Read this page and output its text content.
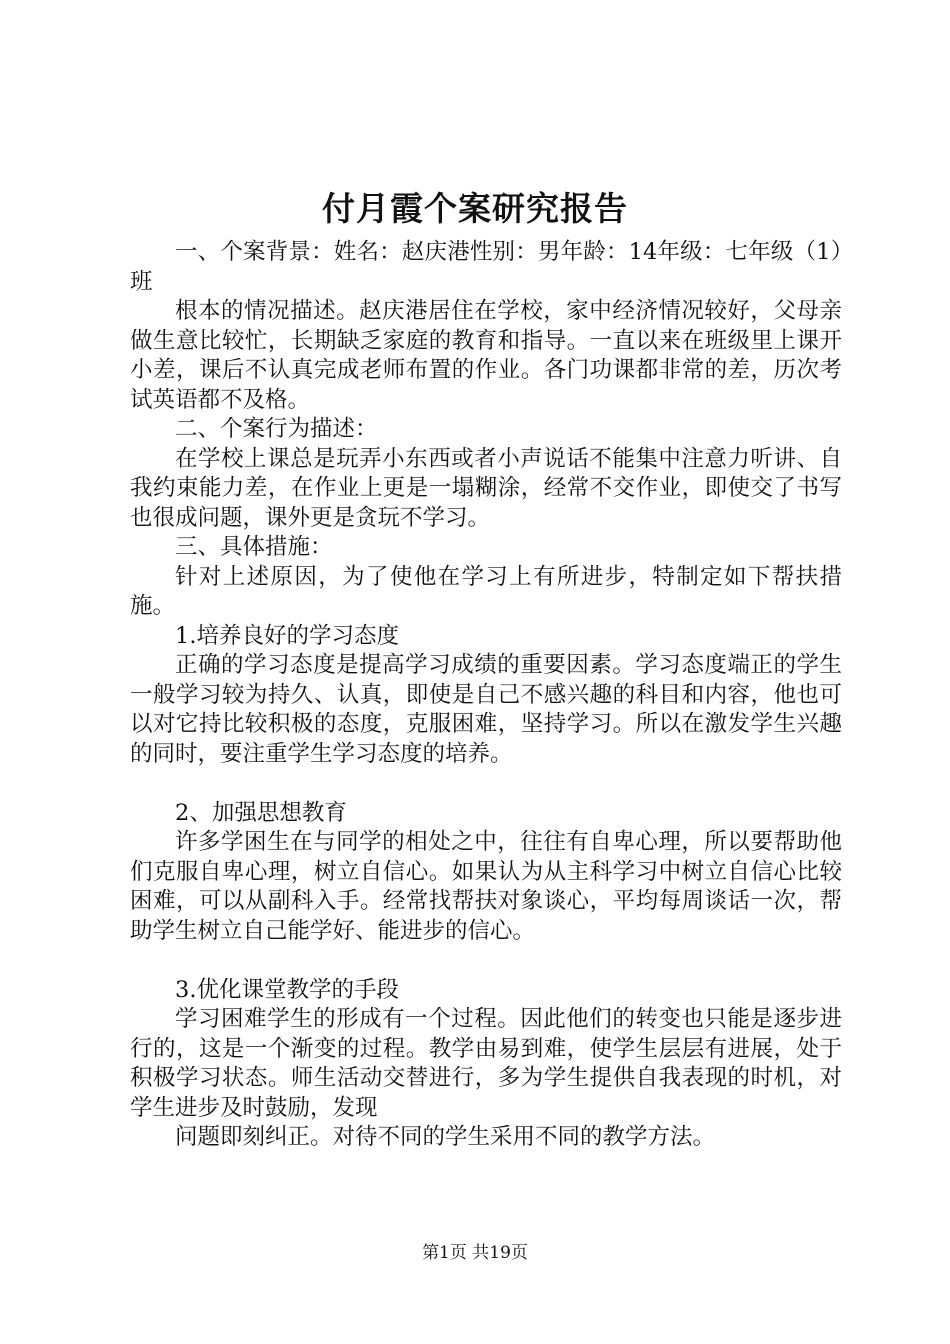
付月霞个案研究报告

一、个案背景：姓名：赵庆港性别：男年龄：14年级：七年级（1）班

根本的情况描述。赵庆港居住在学校，家中经济情况较好，父母亲做生意比较忙，长期缺乏家庭的教育和指导。一直以来在班级里上课开小差，课后不认真完成老师布置的作业。各门功课都非常的差，历次考试英语都不及格。

二、个案行为描述：

在学校上课总是玩弄小东西或者小声说话不能集中注意力听讲、自我约束能力差，在作业上更是一塌糊涂，经常不交作业，即使交了书写也很成问题，课外更是贪玩不学习。

三、具体措施：

针对上述原因，为了使他在学习上有所进步，特制定如下帮扶措施。

1.培养良好的学习态度

正确的学习态度是提高学习成绩的重要因素。学习态度端正的学生一般学习较为持久、认真，即使是自己不感兴趣的科目和内容，他也可以对它持比较积极的态度，克服困难，坚持学习。所以在激发学生兴趣的同时，要注重学生学习态度的培养。

2、加强思想教育

许多学困生在与同学的相处之中，往往有自卑心理，所以要帮助他们克服自卑心理，树立自信心。如果认为从主科学习中树立自信心比较困难，可以从副科入手。经常找帮扶对象谈心，平均每周谈话一次，帮助学生树立自己能学好、能进步的信心。

3.优化课堂教学的手段

学习困难学生的形成有一个过程。因此他们的转变也只能是逐步进行的，这是一个渐变的过程。教学由易到难，使学生层层有进展，处于积极学习状态。师生活动交替进行，多为学生提供自我表现的时机，对学生进步及时鼓励，发现

问题即刻纠正。对待不同的学生采用不同的教学方法。

第1页 共19页
